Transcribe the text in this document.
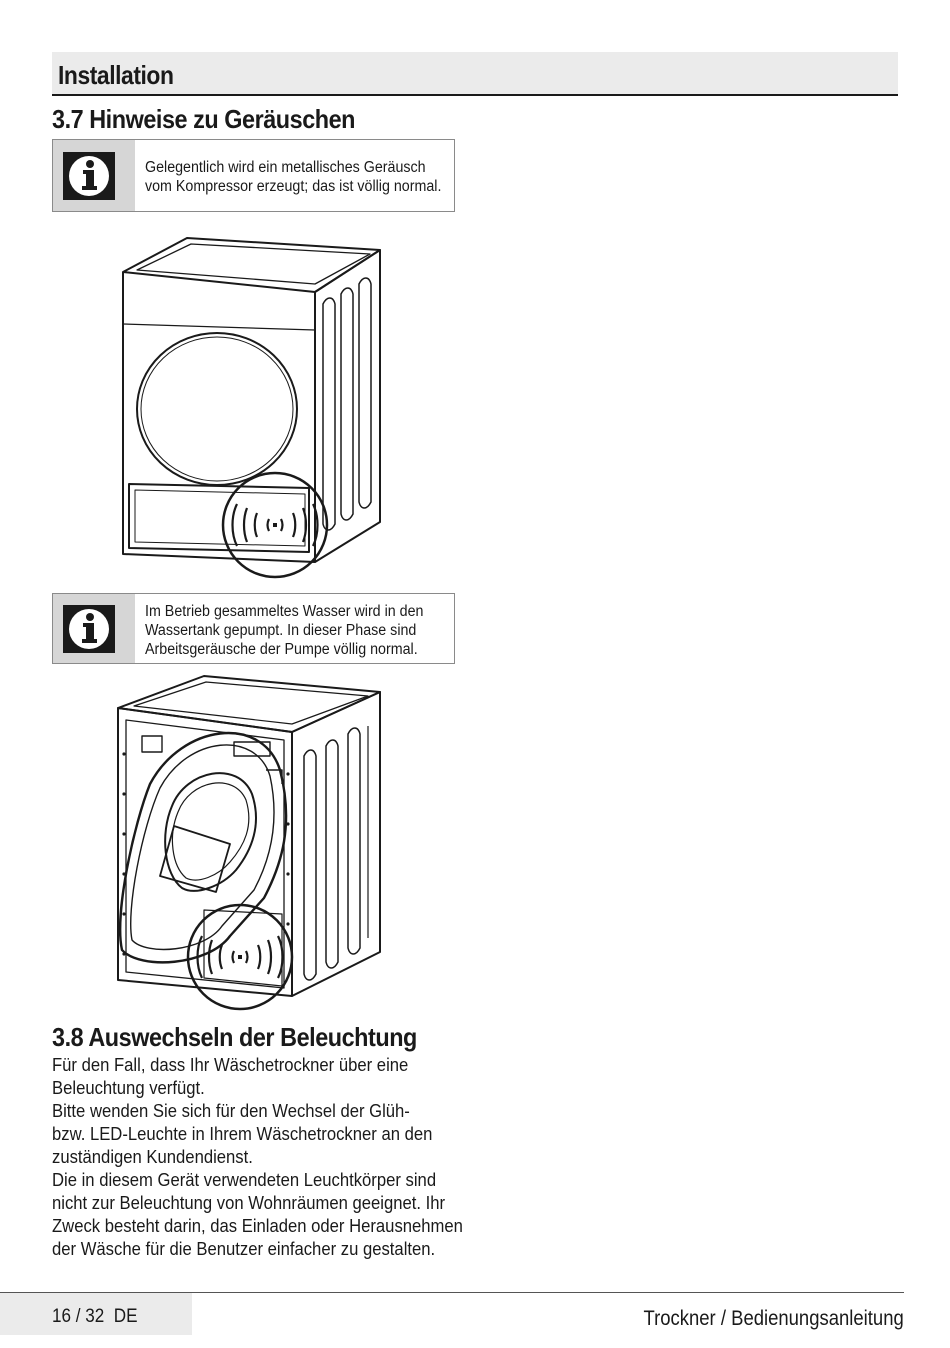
Installation
3.7 Hinweise zu Geräuschen
Gelegentlich wird ein metallisches Geräusch
vom Kompressor erzeugt; das ist völlig normal.
Im Betrieb gesammeltes Wasser wird in den
Wassertank gepumpt. In dieser Phase sind
Arbeitsgeräusche der Pumpe völlig normal.
3.8 Auswechseln der Beleuchtung

Für den Fall, dass Ihr Wäschetrockner über eine

Beleuchtung verfügt.

Bitte wenden Sie sich für den Wechsel der Glüh-

bzw. LED-Leuchte in Ihrem Wäschetrockner an den

zuständigen Kundendienst.

Die in diesem Gerät verwendeten Leuchtkörper sind

nicht zur Beleuchtung von Wohnräumen geeignet. Ihr

Zweck besteht darin, das Einladen oder Herausnehmen

der Wäsche für die Benutzer einfacher zu gestalten.

16 / 32 DE	Trockner / Bedienungsanleitung
